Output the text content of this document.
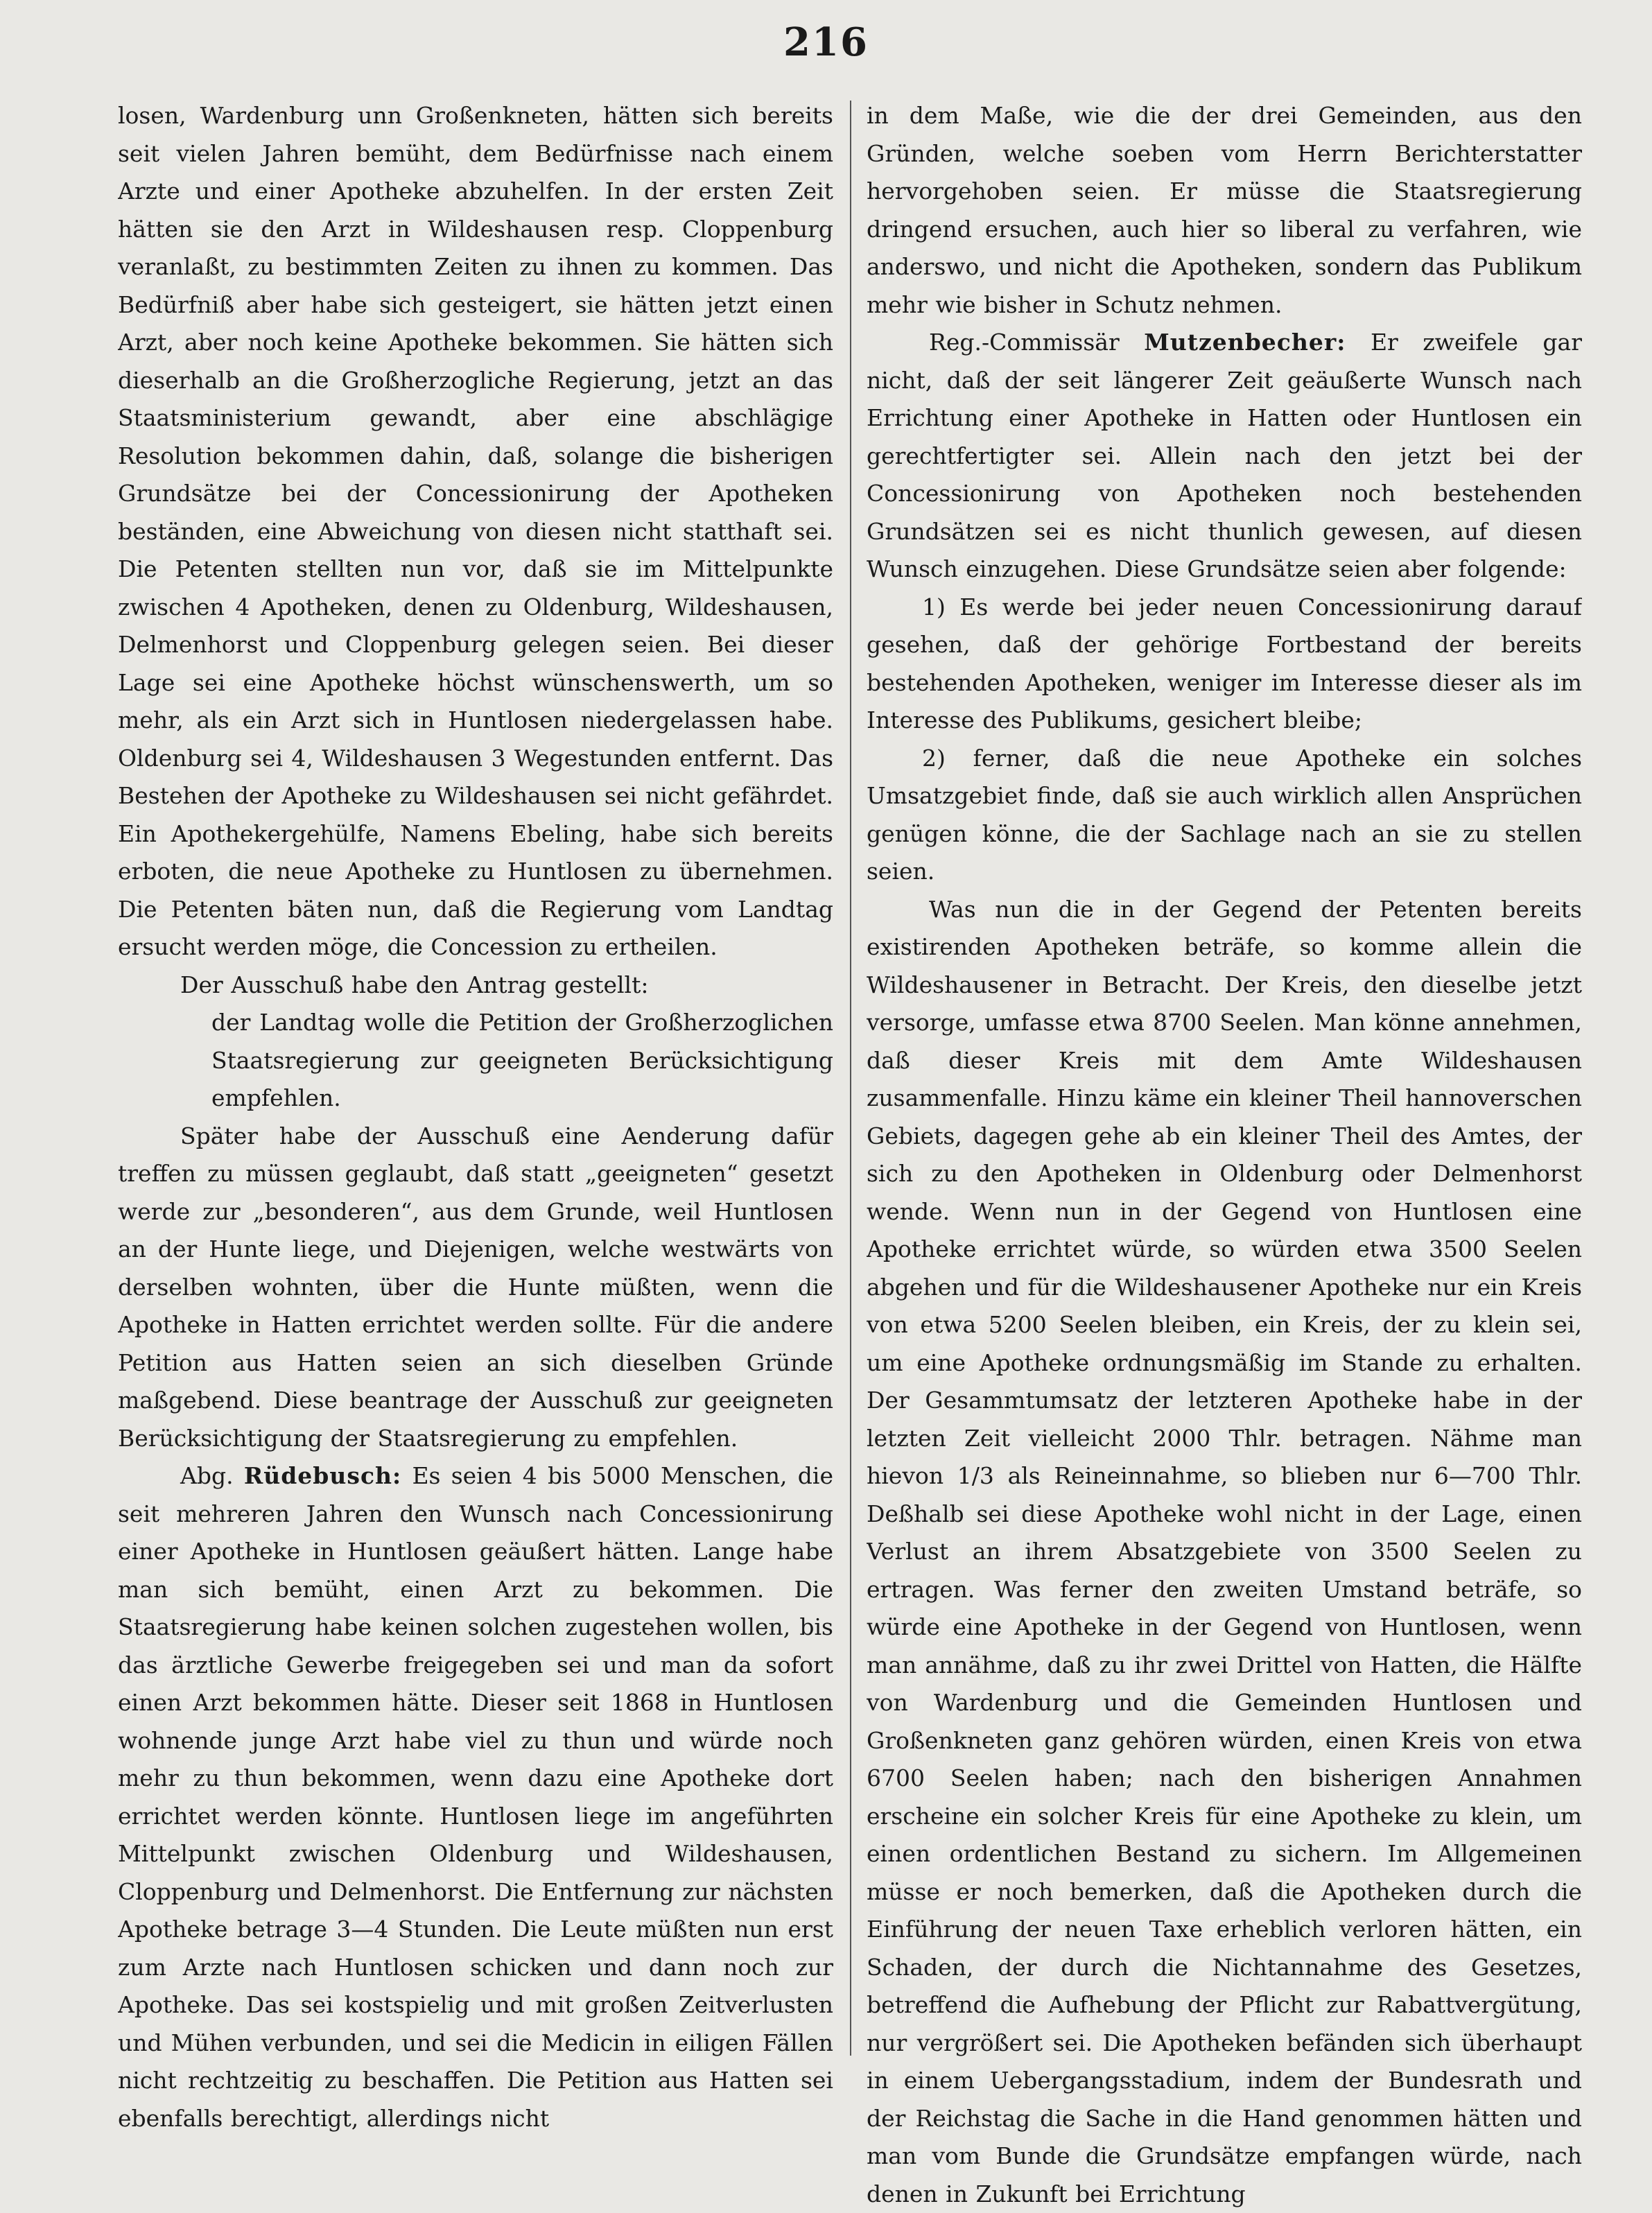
216

losen, Wardenburg unn Großenkneten, hätten sich bereits seit vielen Jahren bemüht, dem Bedürfnisse nach einem Arzte und einer Apotheke abzuhelfen. In der ersten Zeit hätten sie den Arzt in Wildeshausen resp. Cloppenburg veranlaßt, zu bestimmten Zeiten zu ihnen zu kommen. Das Bedürfniß aber habe sich gesteigert, sie hätten jetzt einen Arzt, aber noch keine Apotheke bekommen. Sie hätten sich dieserhalb an die Großherzogliche Regierung, jetzt an das Staatsministerium gewandt, aber eine abschlägige Resolution bekommen dahin, daß, solange die bisherigen Grundsätze bei der Concessionirung der Apotheken beständen, eine Abweichung von diesen nicht statthaft sei. Die Petenten stellten nun vor, daß sie im Mittelpunkte zwischen 4 Apotheken, denen zu Oldenburg, Wildeshausen, Delmenhorst und Cloppenburg gelegen seien. Bei dieser Lage sei eine Apotheke höchst wünschenswerth, um so mehr, als ein Arzt sich in Huntlosen niedergelassen habe. Oldenburg sei 4, Wildeshausen 3 Wegestunden entfernt. Das Bestehen der Apotheke zu Wildeshausen sei nicht gefährdet. Ein Apothekergehülfe, Namens Ebeling, habe sich bereits erboten, die neue Apotheke zu Huntlosen zu übernehmen. Die Petenten bäten nun, daß die Regierung vom Landtag ersucht werden möge, die Concession zu ertheilen.

Der Ausschuß habe den Antrag gestellt:

der Landtag wolle die Petition der Großherzoglichen Staatsregierung zur geeigneten Berücksichtigung empfehlen.

Später habe der Ausschuß eine Aenderung dafür treffen zu müssen geglaubt, daß statt „geeigneten“ gesetzt werde zur „besonderen“, aus dem Grunde, weil Huntlosen an der Hunte liege, und Diejenigen, welche westwärts von derselben wohnten, über die Hunte müßten, wenn die Apotheke in Hatten errichtet werden sollte. Für die andere Petition aus Hatten seien an sich dieselben Gründe maßgebend. Diese beantrage der Ausschuß zur geeigneten Berücksichtigung der Staatsregierung zu empfehlen.

Abg. Rüdebusch: Es seien 4 bis 5000 Menschen, die seit mehreren Jahren den Wunsch nach Concessionirung einer Apotheke in Huntlosen geäußert hätten. Lange habe man sich bemüht, einen Arzt zu bekommen. Die Staatsregierung habe keinen solchen zugestehen wollen, bis das ärztliche Gewerbe freigegeben sei und man da sofort einen Arzt bekommen hätte. Dieser seit 1868 in Huntlosen wohnende junge Arzt habe viel zu thun und würde noch mehr zu thun bekommen, wenn dazu eine Apotheke dort errichtet werden könnte. Huntlosen liege im angeführten Mittelpunkt zwischen Oldenburg und Wildeshausen, Cloppenburg und Delmenhorst. Die Entfernung zur nächsten Apotheke betrage 3—4 Stunden. Die Leute müßten nun erst zum Arzte nach Huntlosen schicken und dann noch zur Apotheke. Das sei kostspielig und mit großen Zeitverlusten und Mühen verbunden, und sei die Medicin in eiligen Fällen nicht rechtzeitig zu beschaffen. Die Petition aus Hatten sei ebenfalls berechtigt, allerdings nicht

in dem Maße, wie die der drei Gemeinden, aus den Gründen, welche soeben vom Herrn Berichterstatter hervorgehoben seien. Er müsse die Staatsregierung dringend ersuchen, auch hier so liberal zu verfahren, wie anderswo, und nicht die Apotheken, sondern das Publikum mehr wie bisher in Schutz nehmen.

Reg.-Commissär Mutzenbecher: Er zweifele gar nicht, daß der seit längerer Zeit geäußerte Wunsch nach Errichtung einer Apotheke in Hatten oder Huntlosen ein gerechtfertigter sei. Allein nach den jetzt bei der Concessionirung von Apotheken noch bestehenden Grundsätzen sei es nicht thunlich gewesen, auf diesen Wunsch einzugehen. Diese Grundsätze seien aber folgende:

1) Es werde bei jeder neuen Concessionirung darauf gesehen, daß der gehörige Fortbestand der bereits bestehenden Apotheken, weniger im Interesse dieser als im Interesse des Publikums, gesichert bleibe;

2) ferner, daß die neue Apotheke ein solches Umsatzgebiet finde, daß sie auch wirklich allen Ansprüchen genügen könne, die der Sachlage nach an sie zu stellen seien.

Was nun die in der Gegend der Petenten bereits existirenden Apotheken beträfe, so komme allein die Wildeshausener in Betracht. Der Kreis, den dieselbe jetzt versorge, umfasse etwa 8700 Seelen. Man könne annehmen, daß dieser Kreis mit dem Amte Wildeshausen zusammenfalle. Hinzu käme ein kleiner Theil hannoverschen Gebiets, dagegen gehe ab ein kleiner Theil des Amtes, der sich zu den Apotheken in Oldenburg oder Delmenhorst wende. Wenn nun in der Gegend von Huntlosen eine Apotheke errichtet würde, so würden etwa 3500 Seelen abgehen und für die Wildeshausener Apotheke nur ein Kreis von etwa 5200 Seelen bleiben, ein Kreis, der zu klein sei, um eine Apotheke ordnungsmäßig im Stande zu erhalten. Der Gesammtumsatz der letzteren Apotheke habe in der letzten Zeit vielleicht 2000 Thlr. betragen. Nähme man hievon 1/3 als Reineinnahme, so blieben nur 6—700 Thlr. Deßhalb sei diese Apotheke wohl nicht in der Lage, einen Verlust an ihrem Absatzgebiete von 3500 Seelen zu ertragen. Was ferner den zweiten Umstand beträfe, so würde eine Apotheke in der Gegend von Huntlosen, wenn man annähme, daß zu ihr zwei Drittel von Hatten, die Hälfte von Wardenburg und die Gemeinden Huntlosen und Großenkneten ganz gehören würden, einen Kreis von etwa 6700 Seelen haben; nach den bisherigen Annahmen erscheine ein solcher Kreis für eine Apotheke zu klein, um einen ordentlichen Bestand zu sichern. Im Allgemeinen müsse er noch bemerken, daß die Apotheken durch die Einführung der neuen Taxe erheblich verloren hätten, ein Schaden, der durch die Nichtannahme des Gesetzes, betreffend die Aufhebung der Pflicht zur Rabattvergütung, nur vergrößert sei. Die Apotheken befänden sich überhaupt in einem Uebergangsstadium, indem der Bundesrath und der Reichstag die Sache in die Hand genommen hätten und man vom Bunde die Grundsätze empfangen würde, nach denen in Zukunft bei Errichtung
